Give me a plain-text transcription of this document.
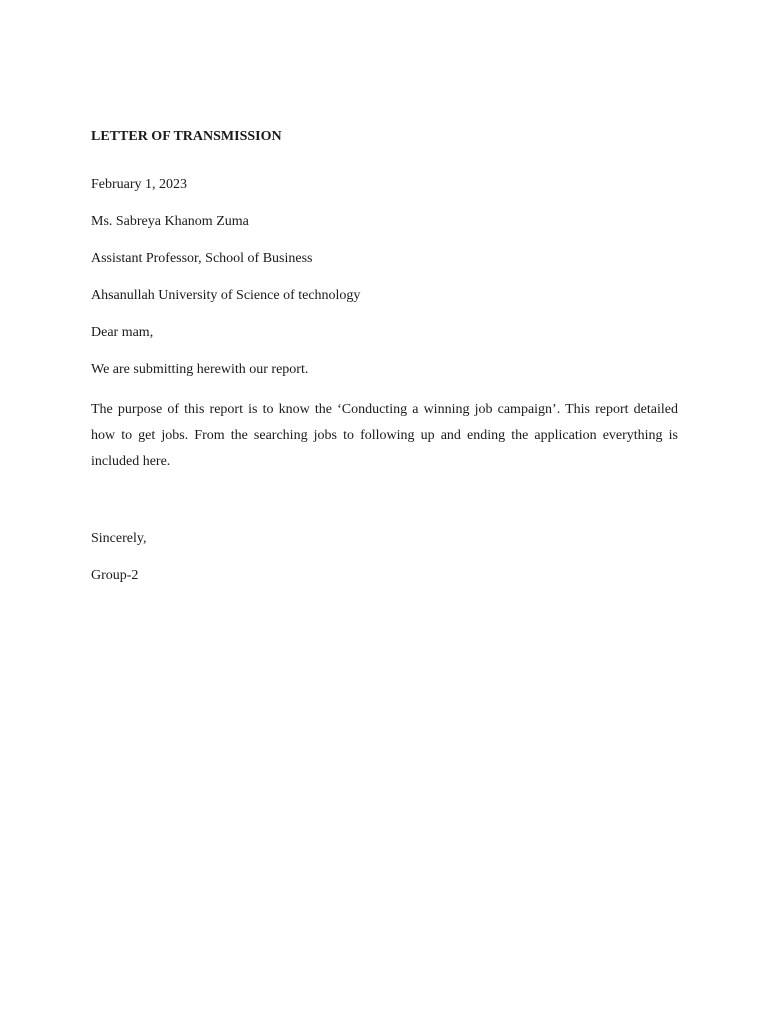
LETTER OF TRANSMISSION
February 1, 2023
Ms. Sabreya Khanom Zuma
Assistant Professor, School of Business
Ahsanullah University of Science of technology
Dear mam,
We are submitting herewith our report.
The purpose of this report is to know the ‘Conducting a winning job campaign’. This report detailed how to get jobs. From the searching jobs to following up and ending the application everything is included here.
Sincerely,
Group-2
